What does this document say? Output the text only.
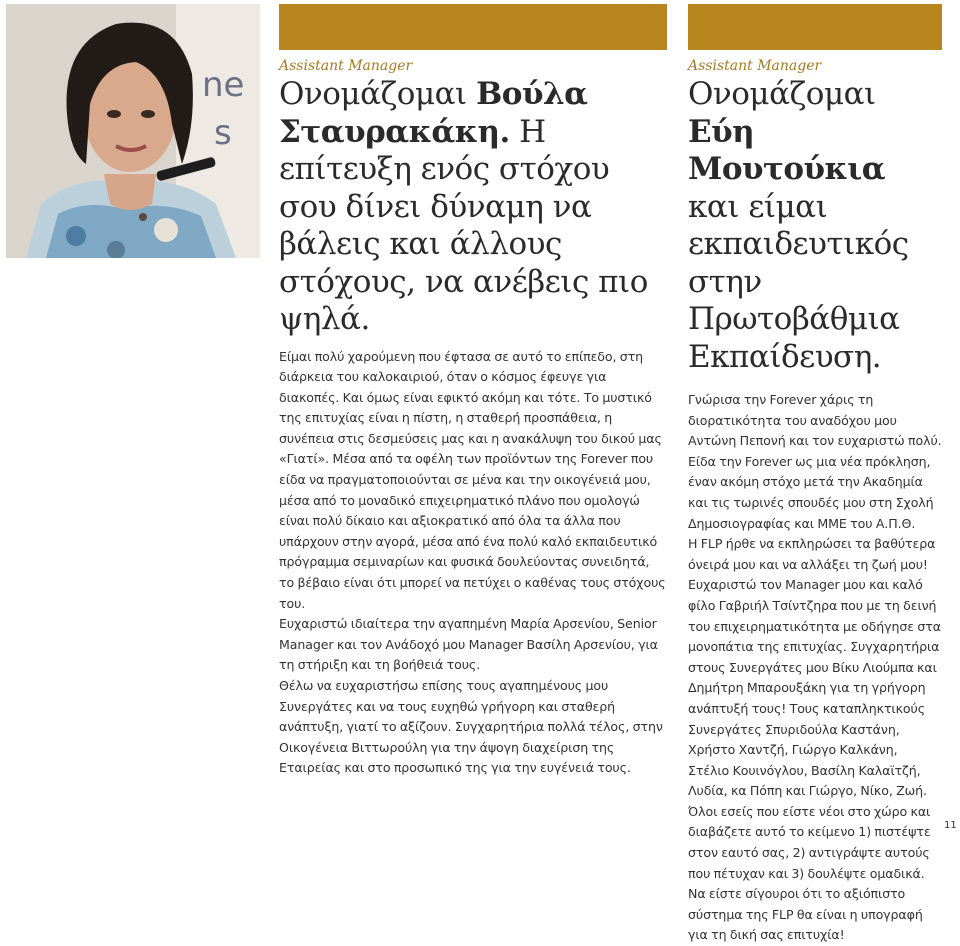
ne
s
Assistant Manager
Ονομάζομαι Βούλα Σταυρακάκη. Η επίτευξη ενός στόχου σου δίνει δύναμη να βάλεις και άλλους στόχους, να ανέβεις πιο ψηλά.

Είμαι πολύ χαρούμενη που έφτασα σε αυτό το επίπεδο, στη διάρκεια του καλοκαιριού, όταν ο κόσμος έφευγε για διακοπές. Και όμως είναι εφικτό ακόμη και τότε. Το μυστικό της επιτυχίας είναι η πίστη, η σταθερή προσπάθεια, η συνέπεια στις δεσμεύσεις μας και η ανακάλυψη του δικού μας «Γιατί». Μέσα από τα οφέλη των προϊόντων της Forever που είδα να πραγματοποιούνται σε μένα και την οικογένειά μου, μέσα από το μοναδικό επιχειρηματικό πλάνο που ομολογώ είναι πολύ δίκαιο και αξιοκρατικό από όλα τα άλλα που υπάρχουν στην αγορά, μέσα από ένα πολύ καλό εκπαιδευτικό πρόγραμμα σεμιναρίων και φυσικά δουλεύοντας συνειδητά, το βέβαιο είναι ότι μπορεί να πετύχει ο καθένας τους στόχους του.

Ευχαριστώ ιδιαίτερα την αγαπημένη Μαρία Αρσενίου, Senior Manager και τον Ανάδοχό μου Manager Βασίλη Αρσενίου, για τη στήριξη και τη βοήθειά τους.

Θέλω να ευχαριστήσω επίσης τους αγαπημένους μου Συνεργάτες και να τους ευχηθώ γρήγορη και σταθερή ανάπτυξη, γιατί το αξίζουν. Συγχαρητήρια πολλά τέλος, στην Οικογένεια Βιττωρούλη για την άψογη διαχείριση της Εταιρείας και στο προσωπικό της για την ευγένειά τους.

Assistant Manager
Ονομάζομαι Εύη Μουτούκια και είμαι εκπαιδευτικός στην Πρωτοβάθμια Εκπαίδευση.

Γνώρισα την Forever χάρις τη διορατικότητα του αναδόχου μου Αντώνη Πεπονή και τον ευχαριστώ πολύ. Είδα την Forever ως μια νέα πρόκληση, έναν ακόμη στόχο μετά την Ακαδημία και τις τωρινές σπουδές μου στη Σχολή Δημοσιογραφίας και ΜΜΕ του Α.Π.Θ.

Η FLP ήρθε να εκπληρώσει τα βαθύτερα όνειρά μου και να αλλάξει τη ζωή μου! Ευχαριστώ τον Manager μου και καλό φίλο Γαβριήλ Τσίντζηρα που με τη δεινή του επιχειρηματικότητα με οδήγησε στα μονοπάτια της επιτυχίας. Συγχαρητήρια στους Συνεργάτες μου Βίκυ Λιούμπα και Δημήτρη Μπαρουξάκη για τη γρήγορη ανάπτυξή τους! Τους καταπληκτικούς Συνεργάτες Σπυριδούλα Καστάνη, Χρήστο Χαντζή, Γιώργο Καλκάνη, Στέλιο Κουινόγλου, Βασίλη Καλαϊτζή, Λυδία, κα Πόπη και Γιώργο, Νίκο, Ζωή. Όλοι εσείς που είστε νέοι στο χώρο και διαβάζετε αυτό το κείμενο 1) πιστέψτε στον εαυτό σας, 2) αντιγράψτε αυτούς που πέτυχαν και 3) δουλέψτε ομαδικά. Να είστε σίγουροι ότι το αξιόπιστο σύστημα της FLP θα είναι η υπογραφή για τη δική σας επιτυχία!

11
